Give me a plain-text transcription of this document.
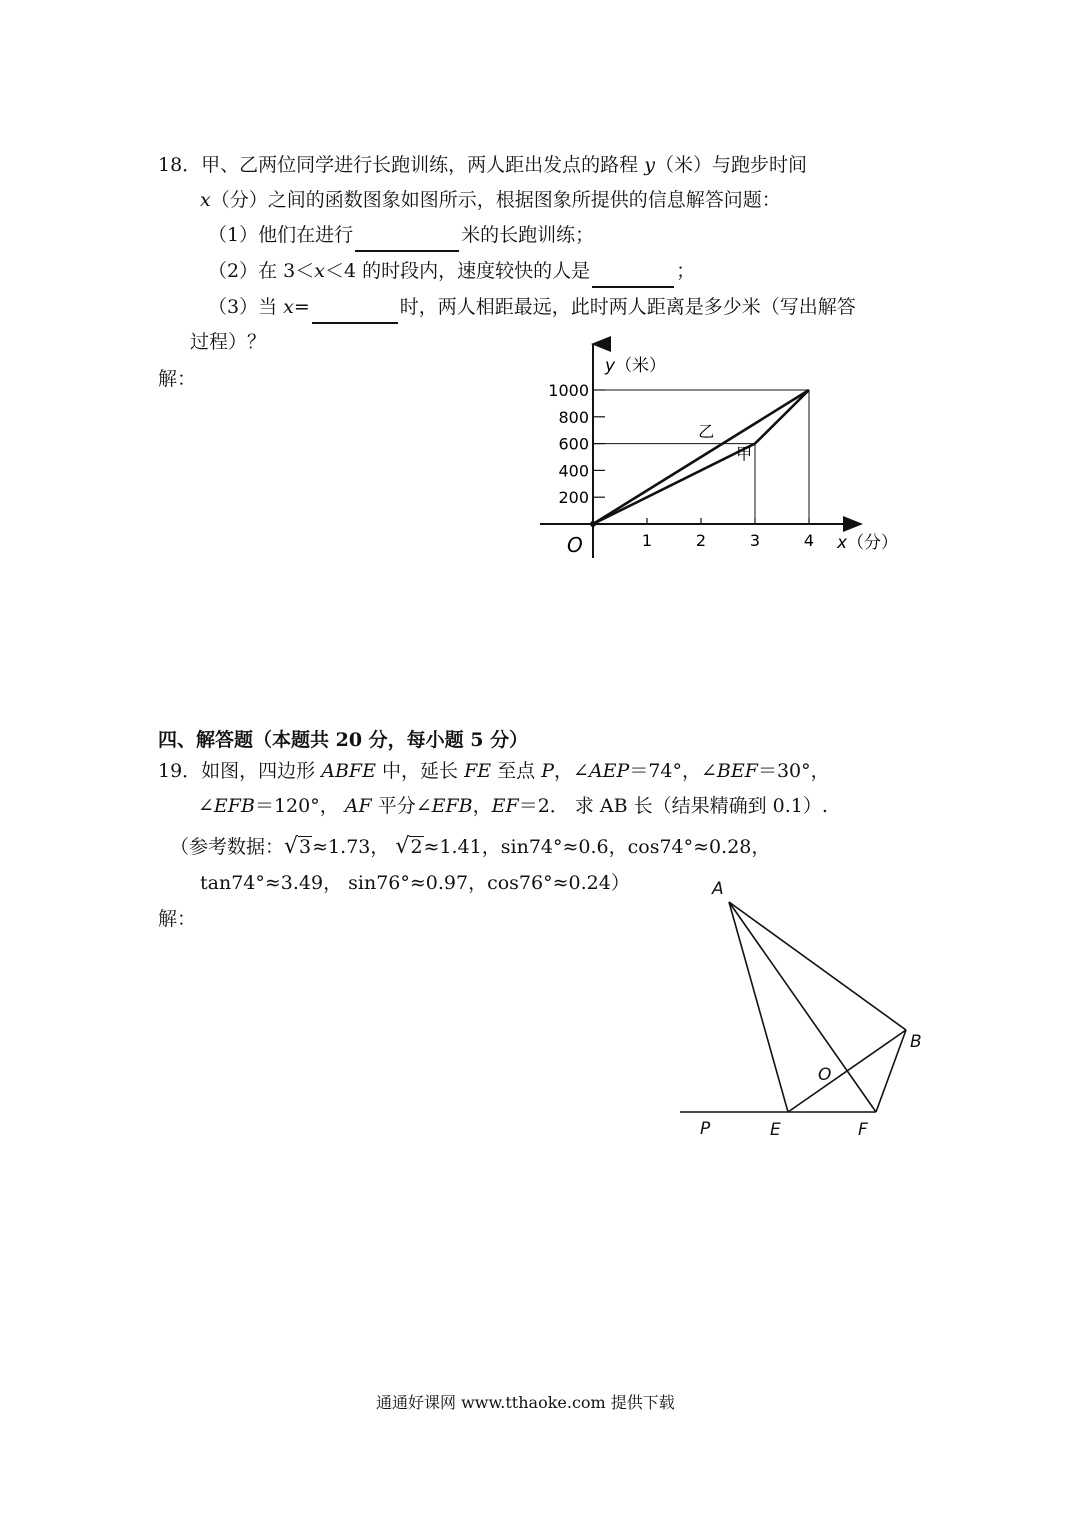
18．甲、乙两位同学进行长跑训练，两人距出发点的路程 y（米）与跑步时间
x（分）之间的函数图象如图所示，根据图象所提供的信息解答问题：
（1）他们在进行	米的长跑训练；
（2）在 3＜x＜4 的时段内，速度较快的人是	；
（3）当 x=	时，两人相距最远，此时两人距离是多少米（写出解答
过程）？
解：
200
400
600
800
1000
1	2	3	4
乙
甲
O
y（米）
x（分）
四、解答题（本题共 20 分，每小题 5 分）
19．如图，四边形 ABFE 中，延长 FE 至点 P，∠AEP＝74°，∠BEF＝30°，
∠EFB＝120°， AF 平分∠EFB，EF＝2． 求 AB 长（结果精确到 0.1）.
（参考数据：√3≈1.73， √2≈1.41，sin74°≈0.6，cos74°≈0.28，
tan74°≈3.49， sin76°≈0.97，cos76°≈0.24）
解：
A
B
O
P	E	F
通通好课网 www.tthaoke.com 提供下载
